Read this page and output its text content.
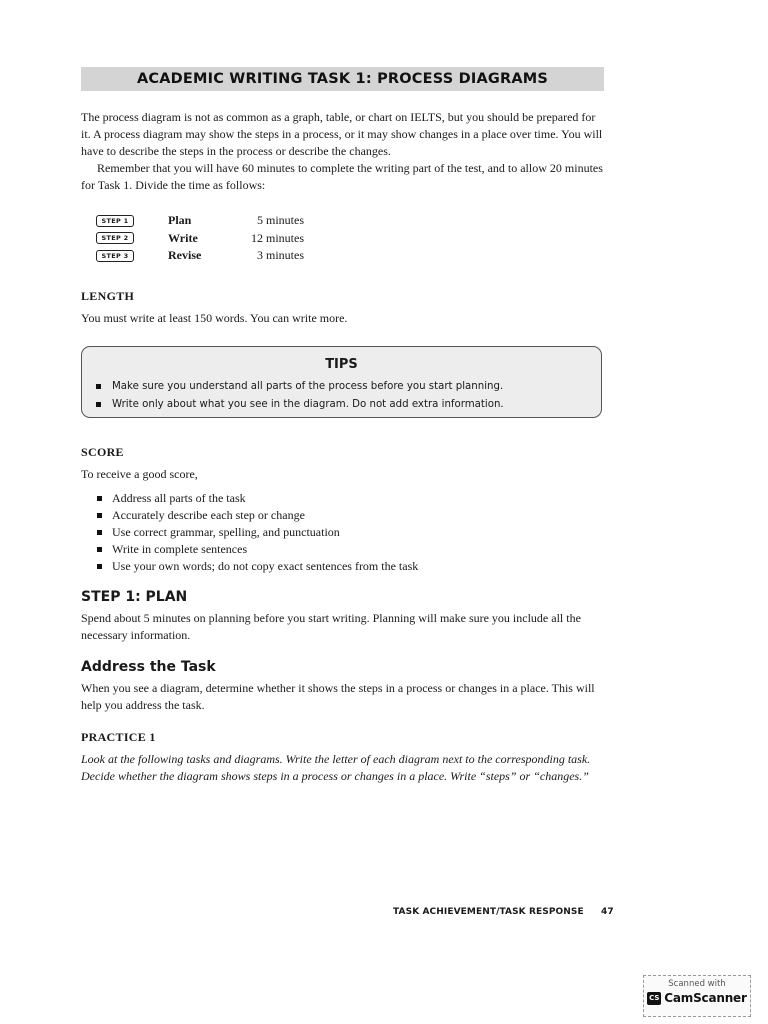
ACADEMIC WRITING TASK 1: PROCESS DIAGRAMS

The process diagram is not as common as a graph, table, or chart on IELTS, but you should be prepared for it. A process diagram may show the steps in a process, or it may show changes in a place over time. You will have to describe the steps in the process or describe the changes.

Remember that you will have 60 minutes to complete the writing part of the test, and to allow 20 minutes for Task 1. Divide the time as follows:

STEP 1	Plan	5 minutes
STEP 2	Write	12 minutes
STEP 3	Revise	3 minutes
LENGTH

You must write at least 150 words. You can write more.

TIPS
Make sure you understand all parts of the process before you start planning.
Write only about what you see in the diagram. Do not add extra information.
SCORE

To receive a good score,

Address all parts of the task
Accurately describe each step or change
Use correct grammar, spelling, and punctuation
Write in complete sentences
Use your own words; do not copy exact sentences from the task
STEP 1: PLAN

Spend about 5 minutes on planning before you start writing. Planning will make sure you include all the necessary information.

Address the Task

When you see a diagram, determine whether it shows the steps in a process or changes in a place. This will help you address the task.

PRACTICE 1

Look at the following tasks and diagrams. Write the letter of each diagram next to the corresponding task. Decide whether the diagram shows steps in a process or changes in a place. Write “steps” or “changes.”

TASK ACHIEVEMENT/TASK RESPONSE 47
Scanned with
CS CamScanner
